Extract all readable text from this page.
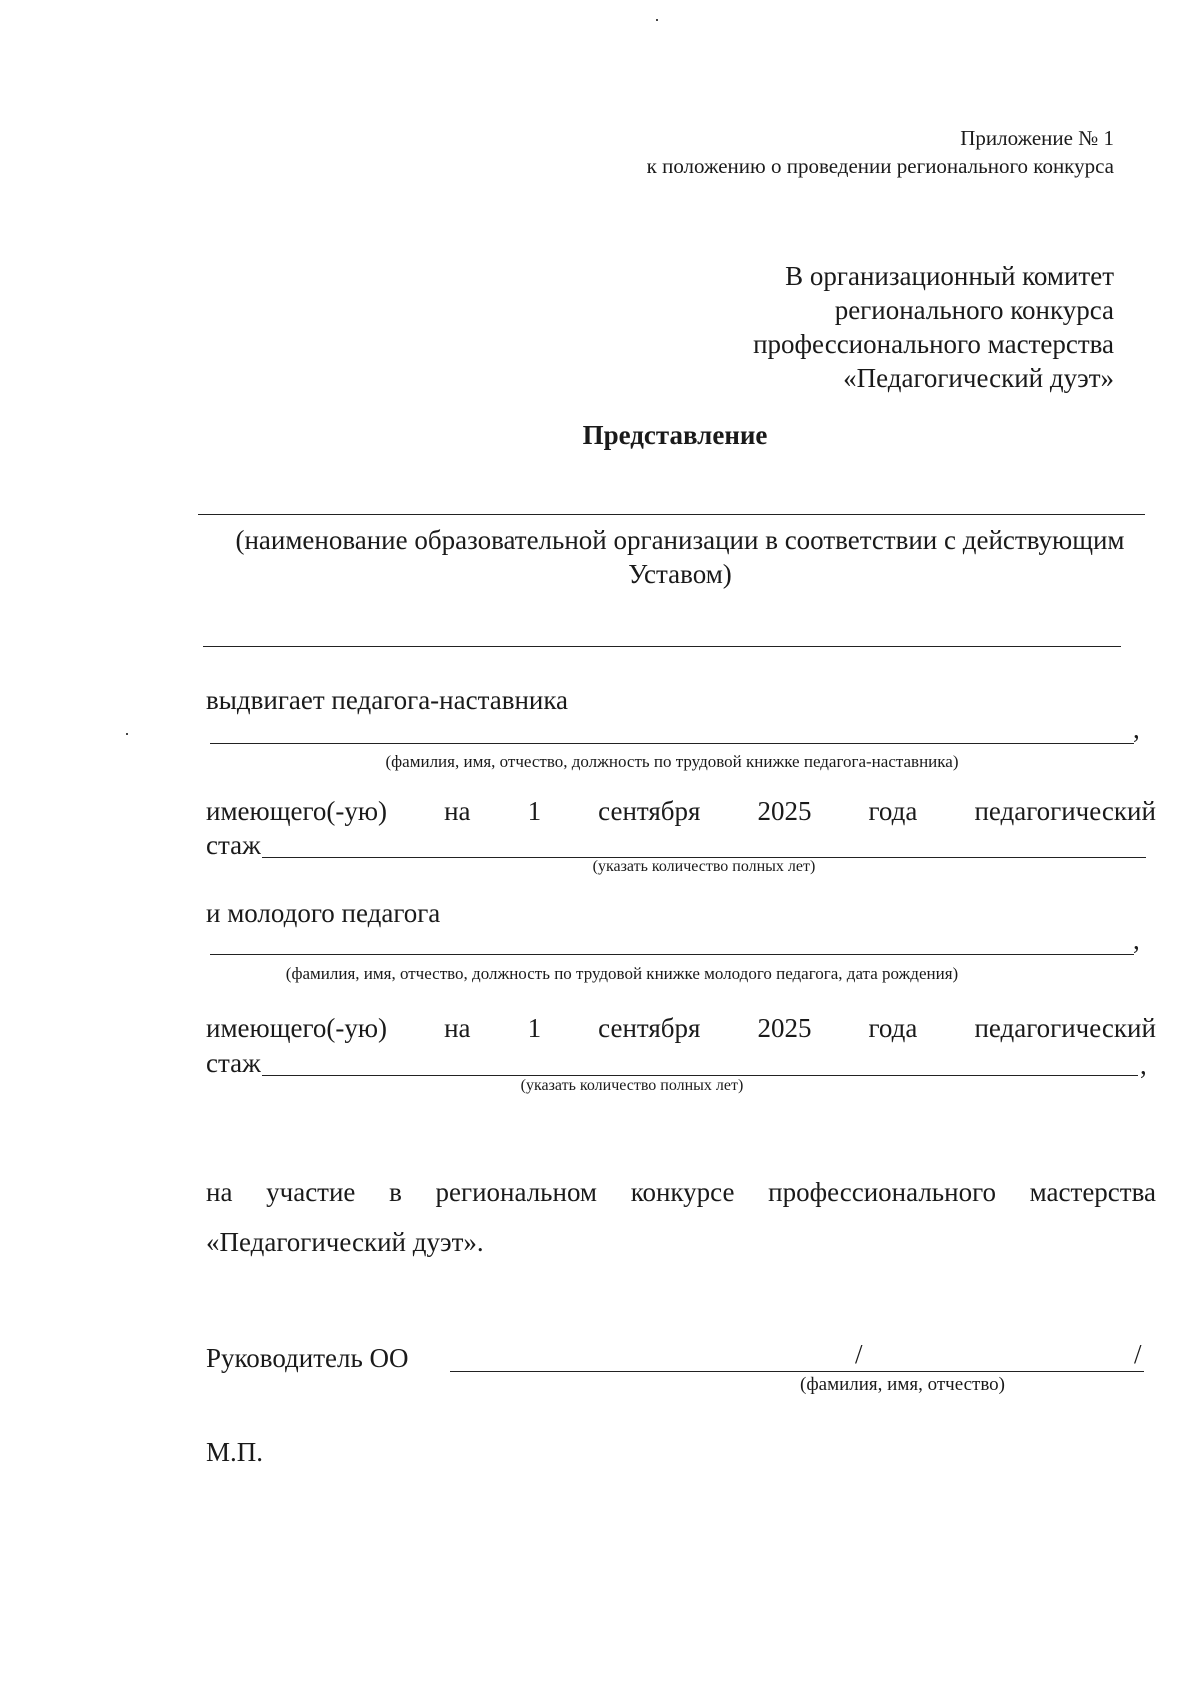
Приложение № 1
к положению о проведении регионального конкурса
В организационный комитет
регионального конкурса
профессионального мастерства
«Педагогический дуэт»
Представление
(наименование образовательной организации в соответствии с действующим
Уставом)
выдвигает педагога-наставника
,
(фамилия, имя, отчество, должность по трудовой книжке педагога-наставника)
имеющего(-ую) на 1 сентября 2025 года педагогический
стаж
(указать количество полных лет)
и молодого педагога
,
(фамилия, имя, отчество, должность по трудовой книжке молодого педагога, дата рождения)
имеющего(-ую) на 1 сентября 2025 года педагогический
стаж	,
(указать количество полных лет)
на участие в региональном конкурсе профессионального мастерства
«Педагогический дуэт».
Руководитель ОО	/	/
(фамилия, имя, отчество)
М.П.
